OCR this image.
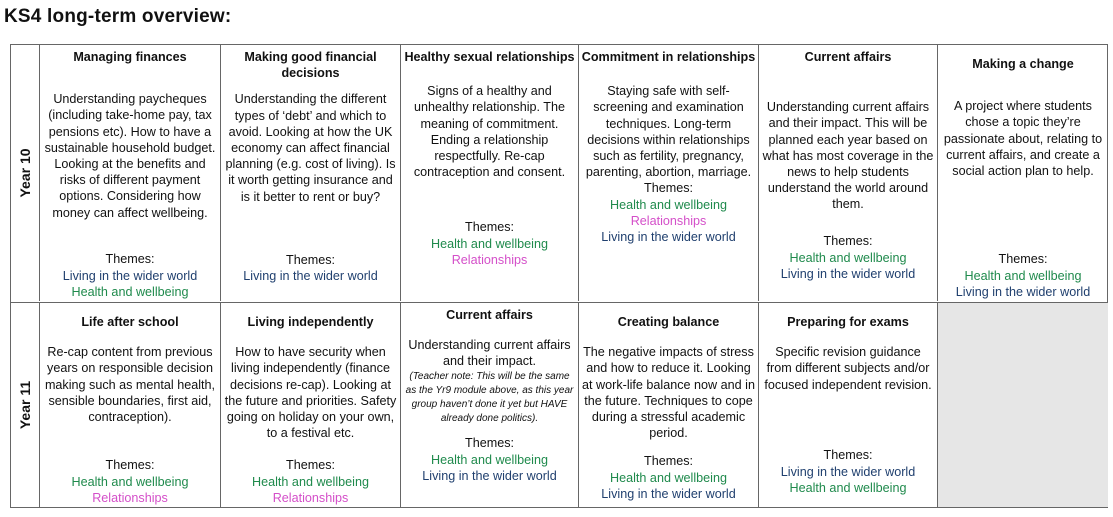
KS4 long-term overview:
Year 10
Managing finances
Understanding paycheques (including take-home pay, tax pensions etc). How to have a sustainable household budget. Looking at the benefits and risks of different payment options. Considering how money can affect wellbeing.
Themes:
Living in the wider world
Health and wellbeing
Making good financial decisions
Understanding the different types of ‘debt’ and which to avoid. Looking at how the UK economy can affect financial planning (e.g. cost of living). Is it worth getting insurance and is it better to rent or buy?
Themes:
Living in the wider world
Healthy sexual relationships
Signs of a healthy and unhealthy relationship. The meaning of commitment. Ending a relationship respectfully. Re-cap contraception and consent.
Themes:
Health and wellbeing
Relationships
Commitment in relationships
Staying safe with self-screening and examination techniques. Long-term decisions within relationships such as fertility, pregnancy, parenting, abortion, marriage.
Themes:
Health and wellbeing
Relationships
Living in the wider world
Current affairs
Understanding current affairs and their impact. This will be planned each year based on what has most coverage in the news to help students understand the world around them.
Themes:
Health and wellbeing
Living in the wider world
Making a change
A project where students chose a topic they’re passionate about, relating to current affairs, and create a social action plan to help.
Themes:
Health and wellbeing
Living in the wider world
Year 11
Life after school
Re-cap content from previous years on responsible decision making such as mental health, sensible boundaries, first aid, contraception).
Themes:
Health and wellbeing
Relationships
Living independently
How to have security when living independently (finance decisions re-cap). Looking at the future and priorities. Safety going on holiday on your own, to a festival etc.
Themes:
Health and wellbeing
Relationships
Current affairs
Understanding current affairs and their impact.
(Teacher note: This will be the same as the Yr9 module above, as this year group haven’t done it yet but HAVE already done politics).
Themes:
Health and wellbeing
Living in the wider world
Creating balance
The negative impacts of stress and how to reduce it. Looking at work-life balance now and in the future. Techniques to cope during a stressful academic period.
Themes:
Health and wellbeing
Living in the wider world
Preparing for exams
Specific revision guidance from different subjects and/or focused independent revision.
Themes:
Living in the wider world
Health and wellbeing
